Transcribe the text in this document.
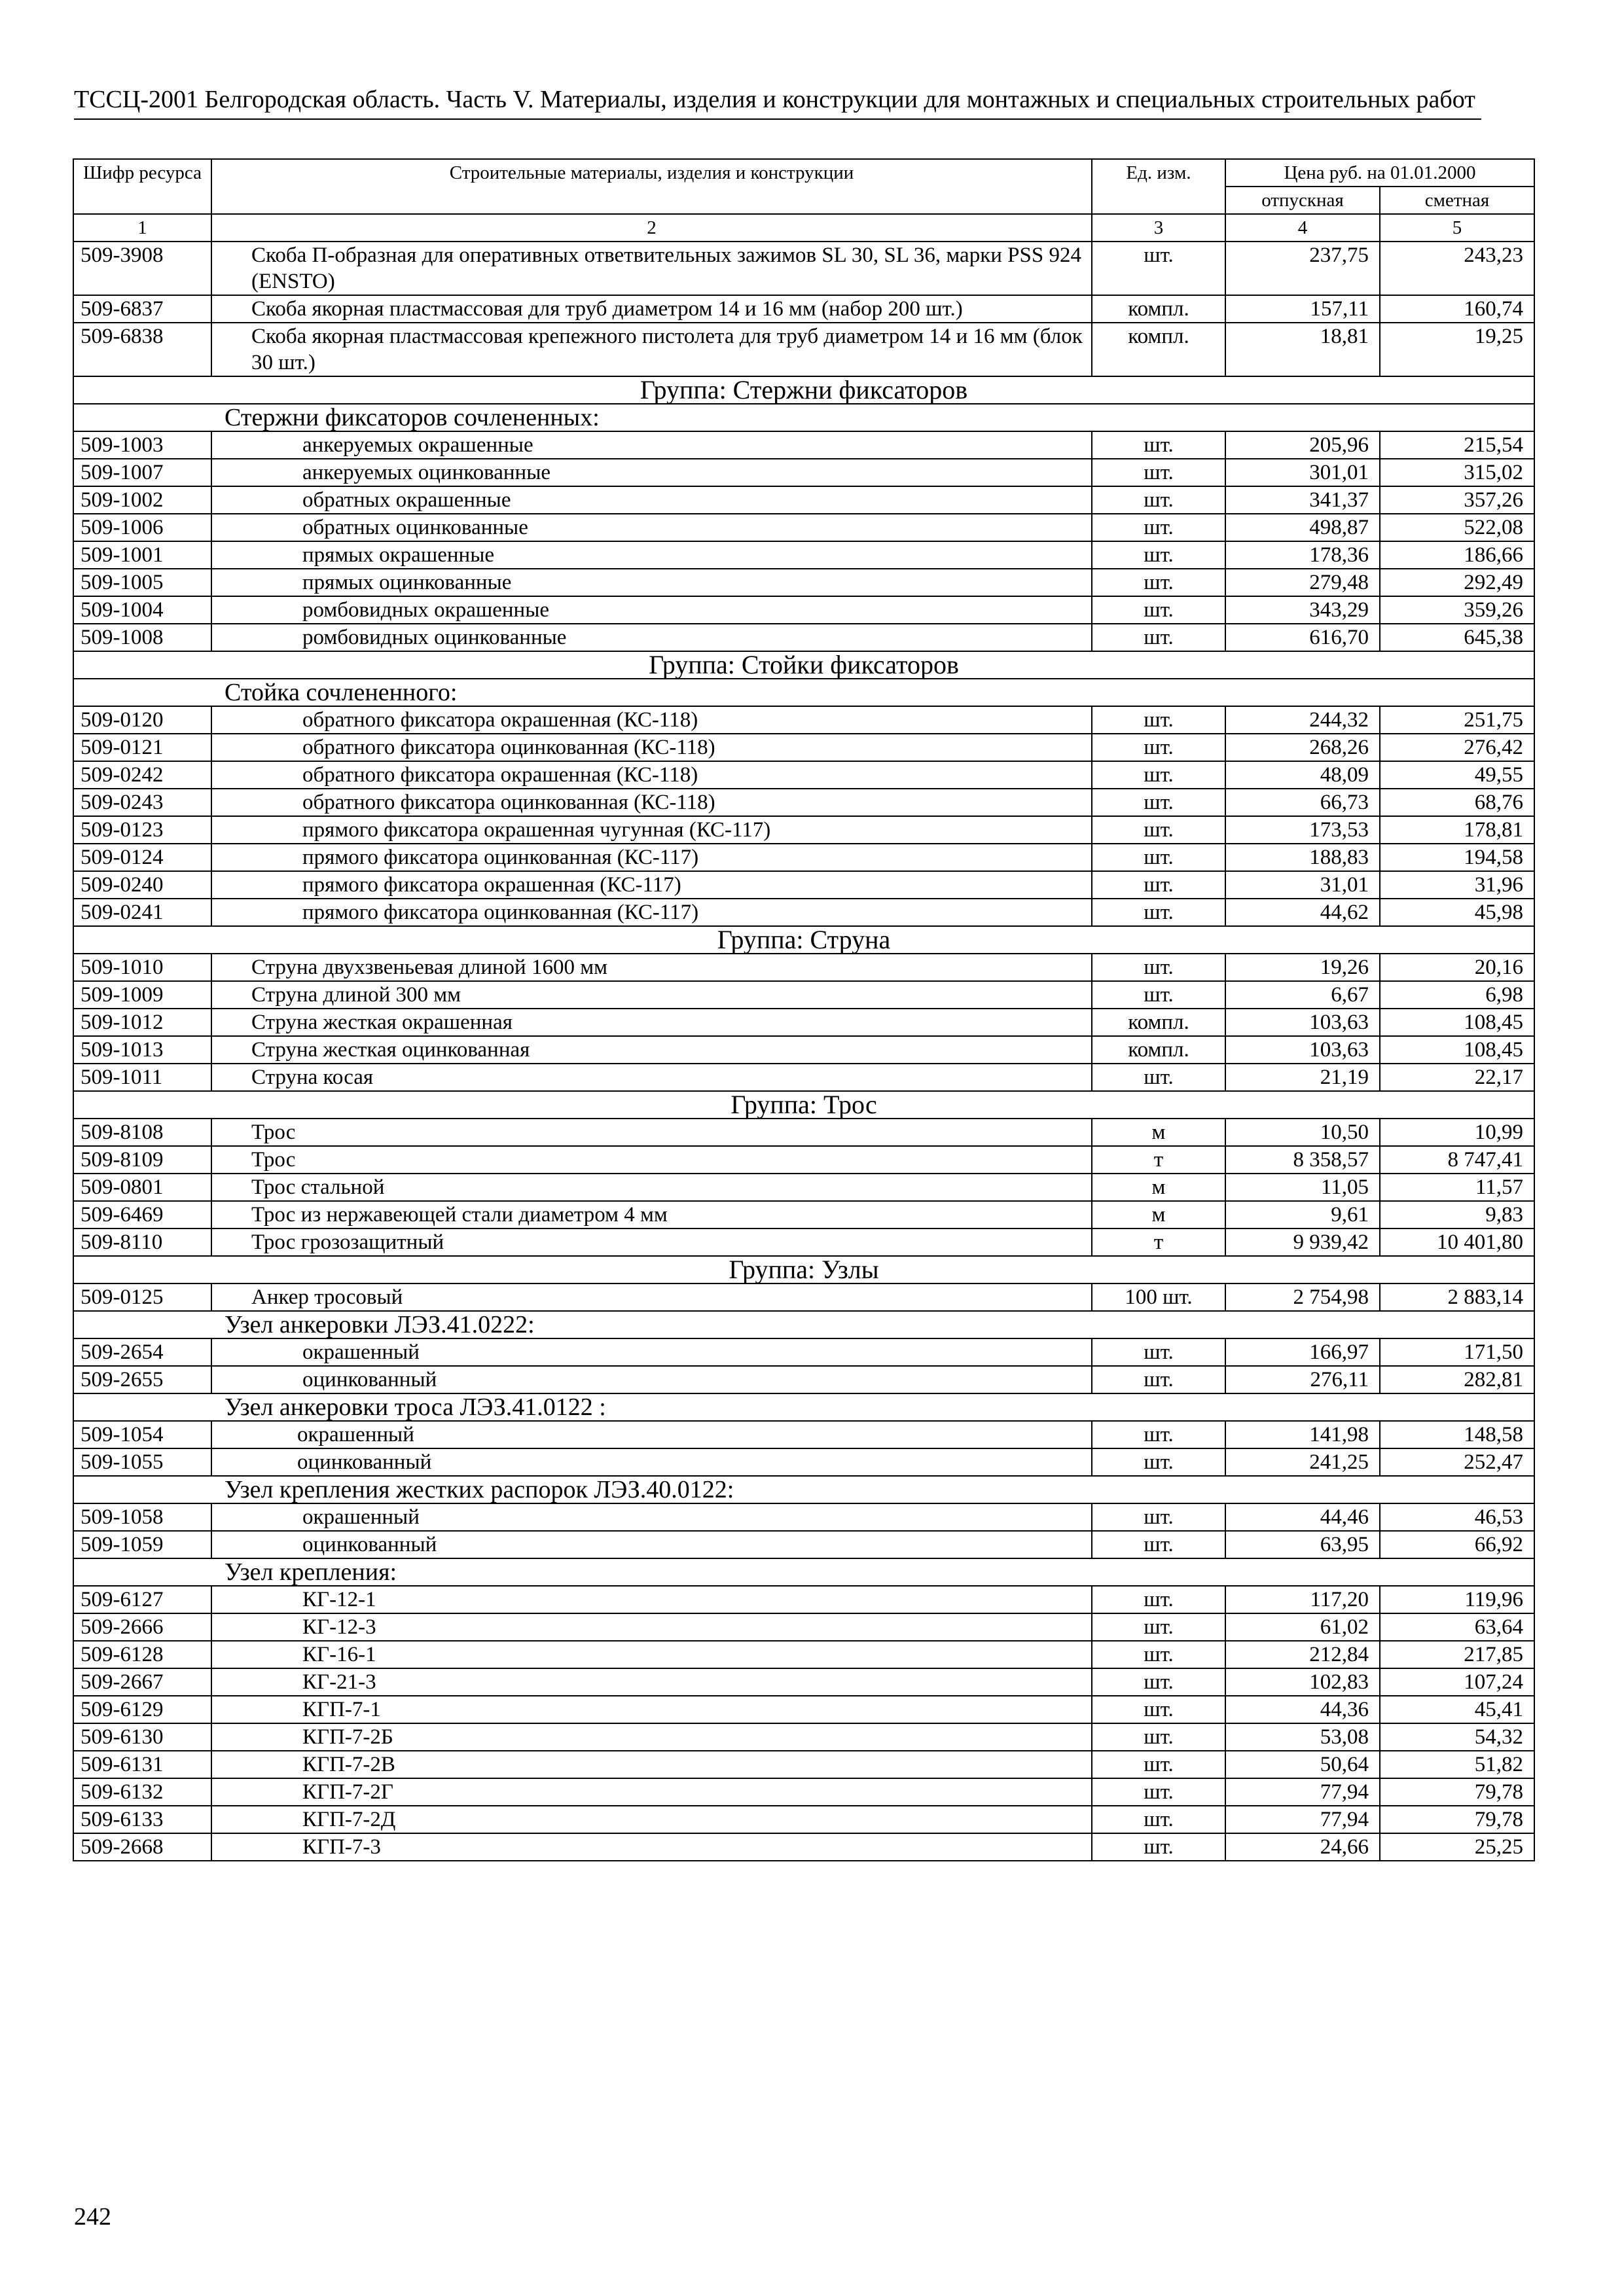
ТССЦ-2001 Белгородская область. Часть V. Материалы, изделия и конструкции для монтажных и специальных строительных работ
Шифр ресурса	Строительные материалы, изделия и конструкции	Ед. изм.	Цена руб. на 01.01.2000	
			отпускная	сметная
1	2	3	4	5
509-3908	Скоба П-образная для оперативных ответвительных зажимов SL 30, SL 36, марки PSS 924 (ENSTO)	шт.	237,75	243,23
509-6837	Скоба якорная пластмассовая для труб диаметром 14 и 16 мм (набор 200 шт.)	компл.	157,11	160,74
509-6838	Скоба якорная пластмассовая крепежного пистолета для труб диаметром 14 и 16 мм (блок 30 шт.)	компл.	18,81	19,25
Группа: Стержни фиксаторов				
Стержни фиксаторов сочлененных:				
509-1003	анкеруемых окрашенные	шт.	205,96	215,54
509-1007	анкеруемых оцинкованные	шт.	301,01	315,02
509-1002	обратных окрашенные	шт.	341,37	357,26
509-1006	обратных оцинкованные	шт.	498,87	522,08
509-1001	прямых окрашенные	шт.	178,36	186,66
509-1005	прямых оцинкованные	шт.	279,48	292,49
509-1004	ромбовидных окрашенные	шт.	343,29	359,26
509-1008	ромбовидных оцинкованные	шт.	616,70	645,38
Группа: Стойки фиксаторов				
Стойка сочлененного:				
509-0120	обратного фиксатора окрашенная (КС-118)	шт.	244,32	251,75
509-0121	обратного фиксатора оцинкованная (КС-118)	шт.	268,26	276,42
509-0242	обратного фиксатора окрашенная (КС-118)	шт.	48,09	49,55
509-0243	обратного фиксатора оцинкованная (КС-118)	шт.	66,73	68,76
509-0123	прямого фиксатора окрашенная чугунная (КС-117)	шт.	173,53	178,81
509-0124	прямого фиксатора оцинкованная (КС-117)	шт.	188,83	194,58
509-0240	прямого фиксатора окрашенная (КС-117)	шт.	31,01	31,96
509-0241	прямого фиксатора оцинкованная (КС-117)	шт.	44,62	45,98
Группа: Струна				
509-1010	Струна двухзвеньевая длиной 1600 мм	шт.	19,26	20,16
509-1009	Струна длиной 300 мм	шт.	6,67	6,98
509-1012	Струна жесткая окрашенная	компл.	103,63	108,45
509-1013	Струна жесткая оцинкованная	компл.	103,63	108,45
509-1011	Струна косая	шт.	21,19	22,17
Группа: Трос				
509-8108	Трос	м	10,50	10,99
509-8109	Трос	т	8 358,57	8 747,41
509-0801	Трос стальной	м	11,05	11,57
509-6469	Трос из нержавеющей стали диаметром 4 мм	м	9,61	9,83
509-8110	Трос грозозащитный	т	9 939,42	10 401,80
Группа: Узлы				
509-0125	Анкер тросовый	100 шт.	2 754,98	2 883,14
Узел анкеровки ЛЭЗ.41.0222:				
509-2654	окрашенный	шт.	166,97	171,50
509-2655	оцинкованный	шт.	276,11	282,81
Узел анкеровки троса ЛЭЗ.41.0122 :				
509-1054	окрашенный	шт.	141,98	148,58
509-1055	оцинкованный	шт.	241,25	252,47
Узел крепления жестких распорок ЛЭЗ.40.0122:				
509-1058	окрашенный	шт.	44,46	46,53
509-1059	оцинкованный	шт.	63,95	66,92
Узел крепления:				
509-6127	КГ-12-1	шт.	117,20	119,96
509-2666	КГ-12-3	шт.	61,02	63,64
509-6128	КГ-16-1	шт.	212,84	217,85
509-2667	КГ-21-3	шт.	102,83	107,24
509-6129	КГП-7-1	шт.	44,36	45,41
509-6130	КГП-7-2Б	шт.	53,08	54,32
509-6131	КГП-7-2В	шт.	50,64	51,82
509-6132	КГП-7-2Г	шт.	77,94	79,78
509-6133	КГП-7-2Д	шт.	77,94	79,78
509-2668	КГП-7-3	шт.	24,66	25,25
242
